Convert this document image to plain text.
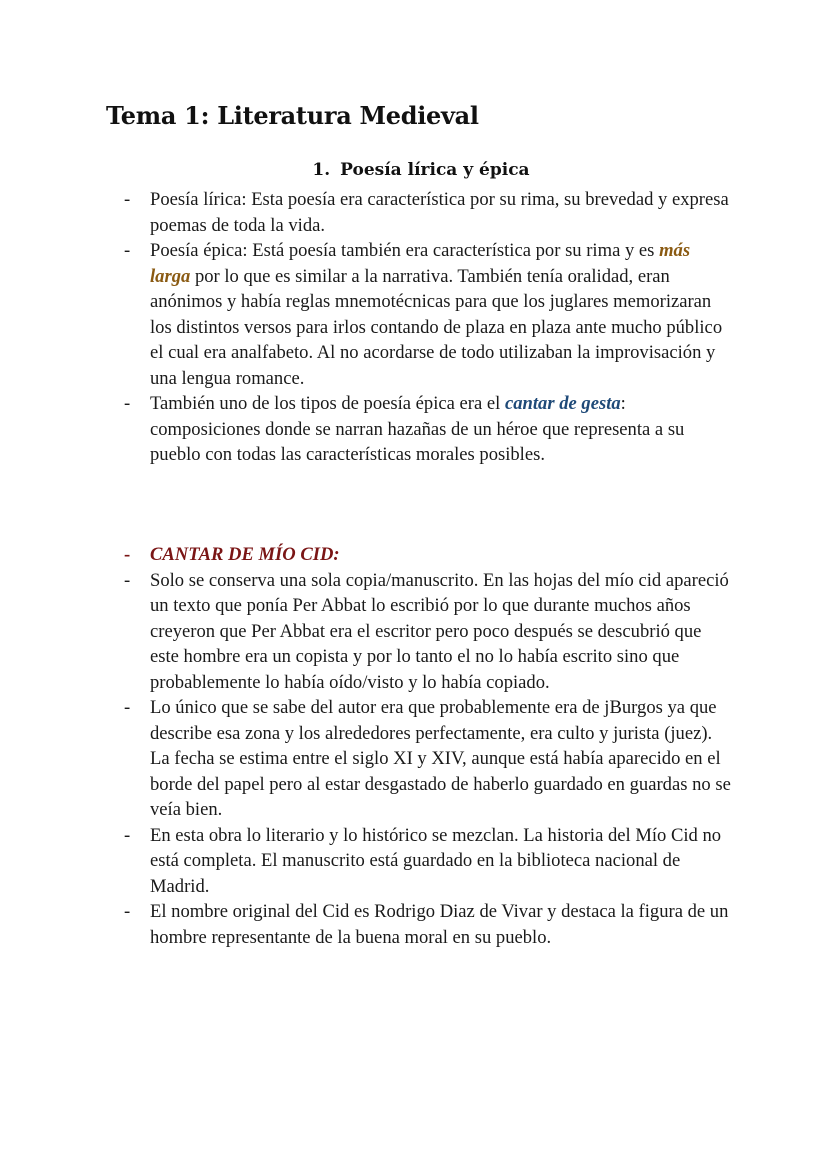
Tema 1: Literatura Medieval
1. Poesía lírica y épica
- Poesía lírica: Esta poesía era característica por su rima, su brevedad y expresa poemas de toda la vida.
- Poesía épica: Está poesía también era característica por su rima y es más larga por lo que es similar a la narrativa. También tenía oralidad, eran anónimos y había reglas mnemotécnicas para que los juglares memorizaran los distintos versos para irlos contando de plaza en plaza ante mucho público el cual era analfabeto. Al no acordarse de todo utilizaban la improvisación y una lengua romance.
- También uno de los tipos de poesía épica era el cantar de gesta: composiciones donde se narran hazañas de un héroe que representa a su pueblo con todas las características morales posibles.
- CANTAR DE MÍO CID:
- Solo se conserva una sola copia/manuscrito. En las hojas del mío cid apareció un texto que ponía Per Abbat lo escribió por lo que durante muchos años creyeron que Per Abbat era el escritor pero poco después se descubrió que este hombre era un copista y por lo tanto el no lo había escrito sino que probablemente lo había oído/visto y lo había copiado.
- Lo único que se sabe del autor era que probablemente era de jBurgos ya que describe esa zona y los alrededores perfectamente, era culto y jurista (juez). La fecha se estima entre el siglo XI y XIV, aunque está había aparecido en el borde del papel pero al estar desgastado de haberlo guardado en guardas no se veía bien.
- En esta obra lo literario y lo histórico se mezclan. La historia del Mío Cid no está completa. El manuscrito está guardado en la biblioteca nacional de Madrid.
- El nombre original del Cid es Rodrigo Diaz de Vivar y destaca la figura de un hombre representante de la buena moral en su pueblo.
